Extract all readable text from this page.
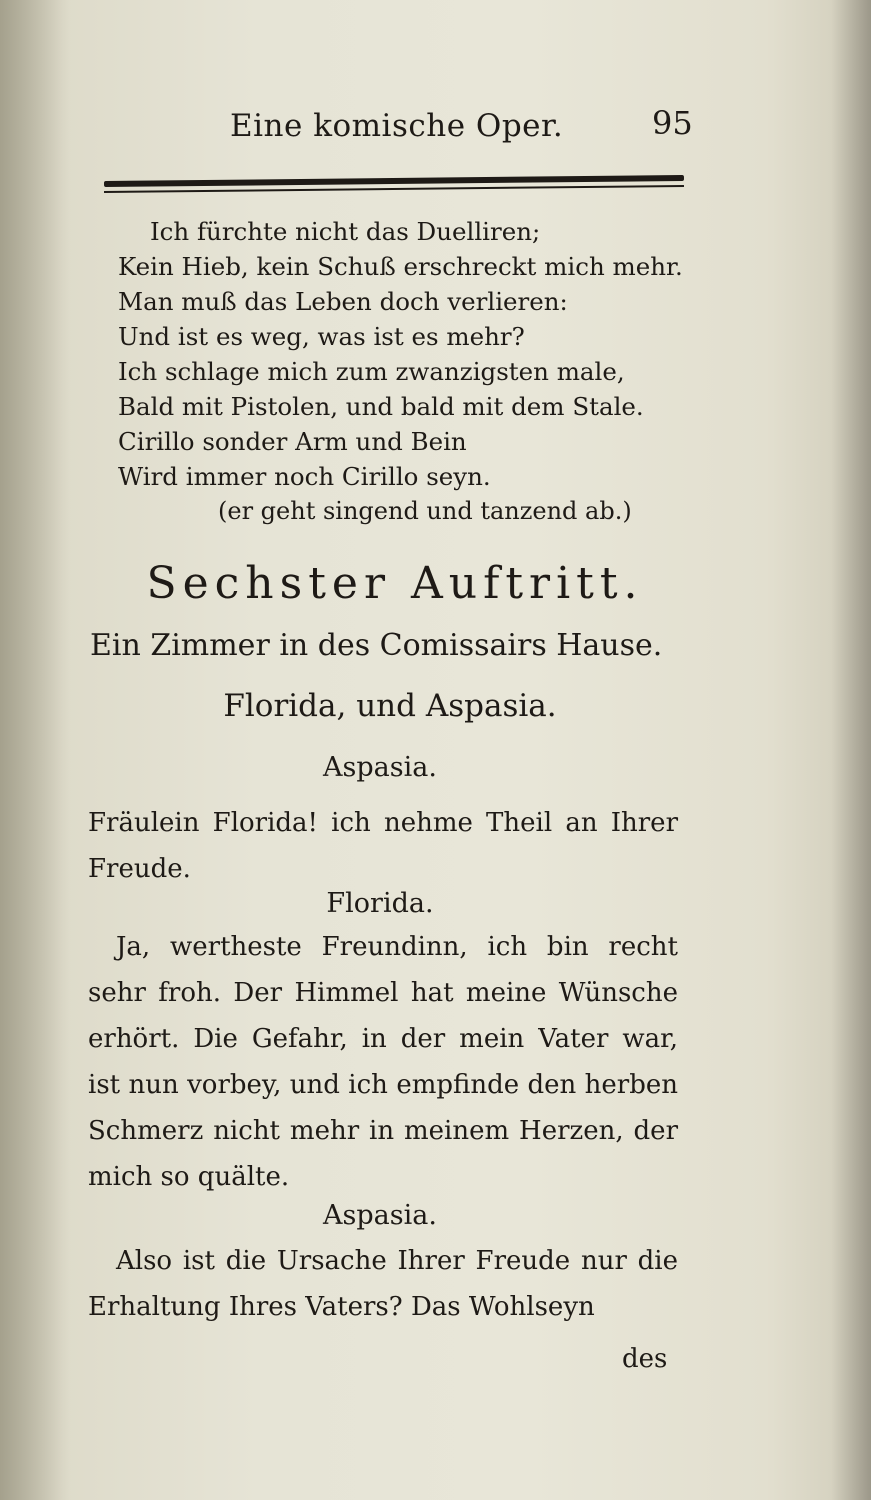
Eine komische Oper.	95
Ich fürchte nicht das Duelliren;
Kein Hieb, kein Schuß erschreckt mich mehr.
Man muß das Leben doch verlieren:
Und ist es weg, was ist es mehr?
Ich schlage mich zum zwanzigsten male,
Bald mit Pistolen, und bald mit dem Stale.
Cirillo sonder Arm und Bein
Wird immer noch Cirillo seyn.
(er geht singend und tanzend ab.)
Sechster Auftritt.
Ein Zimmer in des Comissairs Hause.
Florida, und Aspasia.
Aspasia.
Fräulein Florida! ich nehme Theil an Ihrer Freude.
Florida.
Ja, wertheste Freundinn, ich bin recht sehr froh. Der Himmel hat meine Wünsche erhört. Die Gefahr, in der mein Vater war, ist nun vorbey, und ich empfinde den herben Schmerz nicht mehr in meinem Herzen, der mich so quälte.
Aspasia.
Also ist die Ursache Ihrer Freude nur die Erhaltung Ihres Vaters? Das Wohlseyn
des
